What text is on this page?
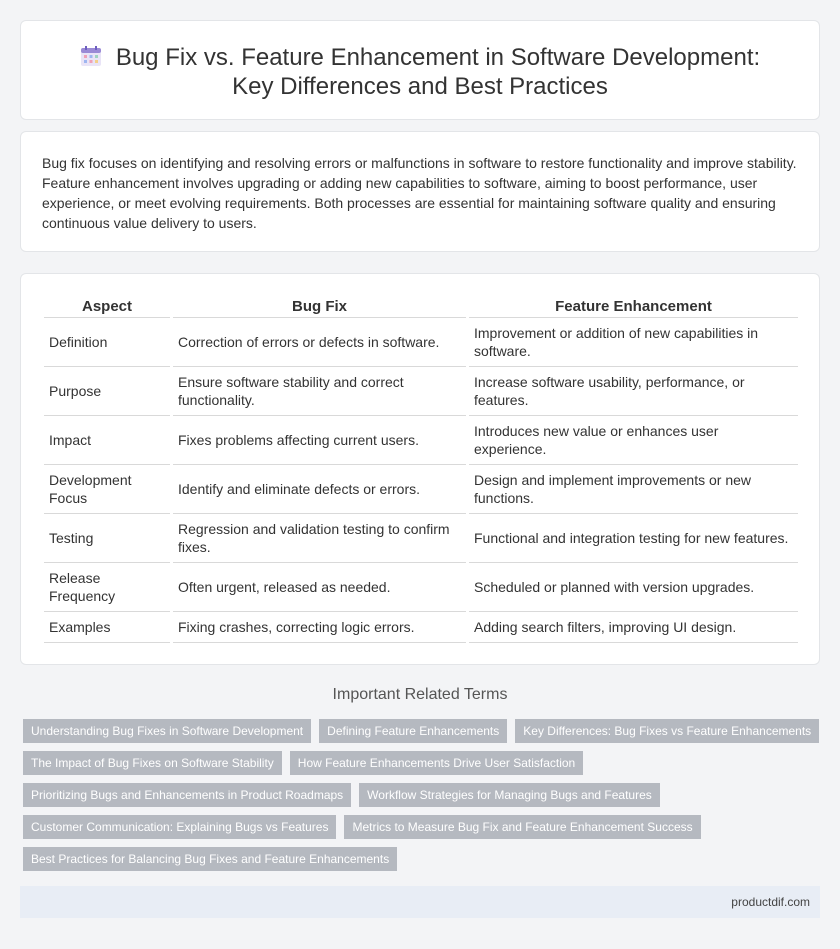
Bug Fix vs. Feature Enhancement in Software Development: Key Differences and Best Practices

Bug fix focuses on identifying and resolving errors or malfunctions in software to restore functionality and improve stability. Feature enhancement involves upgrading or adding new capabilities to software, aiming to boost performance, user experience, or meet evolving requirements. Both processes are essential for maintaining software quality and ensuring continuous value delivery to users.

Aspect	Bug Fix	Feature Enhancement
Definition	Correction of errors or defects in software.	Improvement or addition of new capabilities in software.
Purpose	Ensure software stability and correct functionality.	Increase software usability, performance, or features.
Impact	Fixes problems affecting current users.	Introduces new value or enhances user experience.
Development Focus	Identify and eliminate defects or errors.	Design and implement improvements or new functions.
Testing	Regression and validation testing to confirm fixes.	Functional and integration testing for new features.
Release Frequency	Often urgent, released as needed.	Scheduled or planned with version upgrades.
Examples	Fixing crashes, correcting logic errors.	Adding search filters, improving UI design.
Important Related Terms
Understanding Bug Fixes in Software Development	Defining Feature Enhancements	Key Differences: Bug Fixes vs Feature Enhancements
The Impact of Bug Fixes on Software Stability	How Feature Enhancements Drive User Satisfaction
Prioritizing Bugs and Enhancements in Product Roadmaps	Workflow Strategies for Managing Bugs and Features
Customer Communication: Explaining Bugs vs Features	Metrics to Measure Bug Fix and Feature Enhancement Success
Best Practices for Balancing Bug Fixes and Feature Enhancements
productdif.com
